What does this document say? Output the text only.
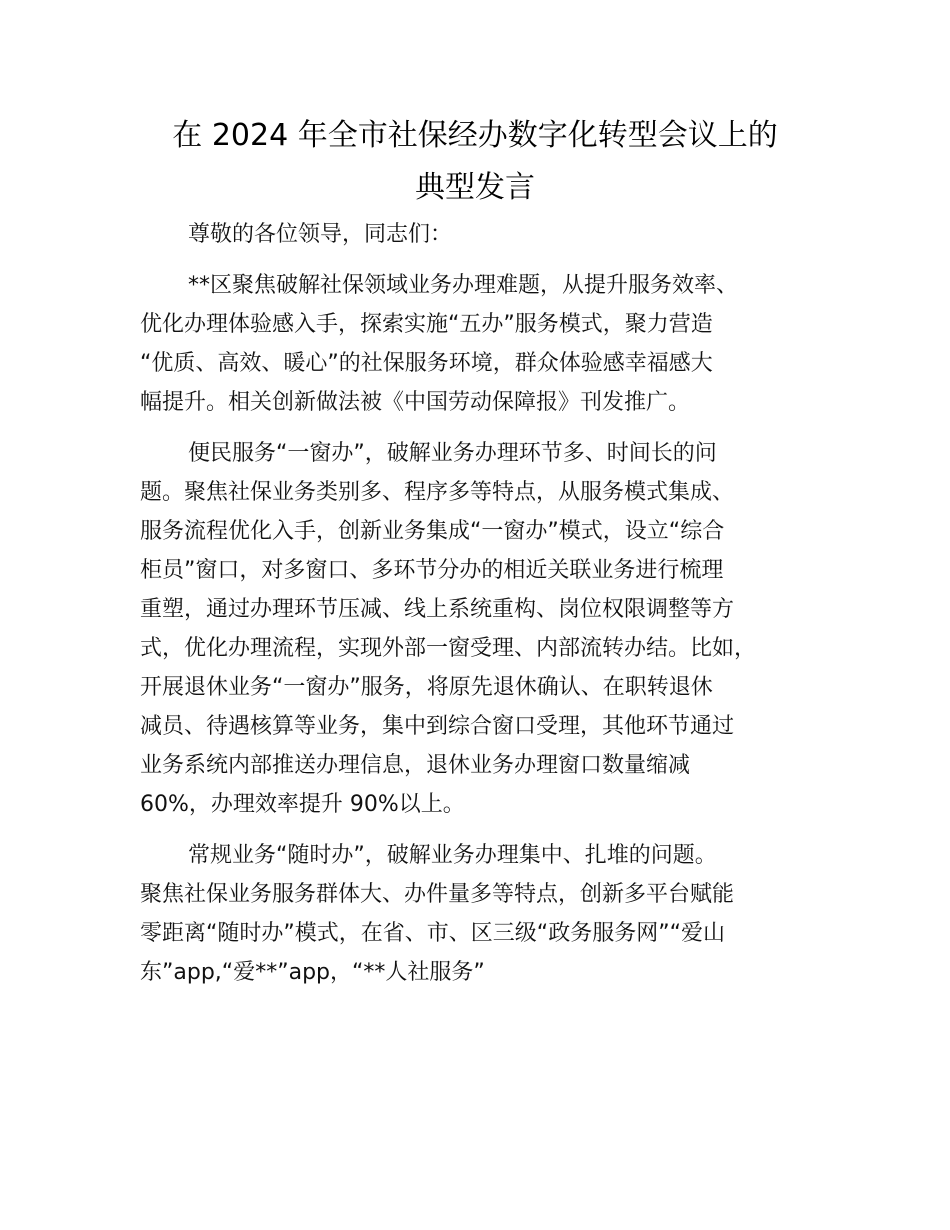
在 2024 年全市社保经办数字化转型会议上的
典型发言
尊敬的各位领导，同志们：
**区聚焦破解社保领域业务办理难题，从提升服务效率、
优化办理体验感入手，探索实施“五办”服务模式，聚力营造
“优质、高效、暖心”的社保服务环境，群众体验感幸福感大
幅提升。相关创新做法被《中国劳动保障报》刊发推广。
便民服务“一窗办”，破解业务办理环节多、时间长的问
题。聚焦社保业务类别多、程序多等特点，从服务模式集成、
服务流程优化入手，创新业务集成“一窗办”模式，设立“综合
柜员”窗口，对多窗口、多环节分办的相近关联业务进行梳理
重塑，通过办理环节压减、线上系统重构、岗位权限调整等方
式，优化办理流程，实现外部一窗受理、内部流转办结。比如，
开展退休业务“一窗办”服务，将原先退休确认、在职转退休
减员、待遇核算等业务，集中到综合窗口受理，其他环节通过
业务系统内部推送办理信息，退休业务办理窗口数量缩减
60%，办理效率提升 90%以上。
常规业务“随时办”，破解业务办理集中、扎堆的问题。
聚焦社保业务服务群体大、办件量多等特点，创新多平台赋能
零距离“随时办”模式，在省、市、区三级“政务服务网”“爱山
东”app,“爱**”app，“**人社服务”
